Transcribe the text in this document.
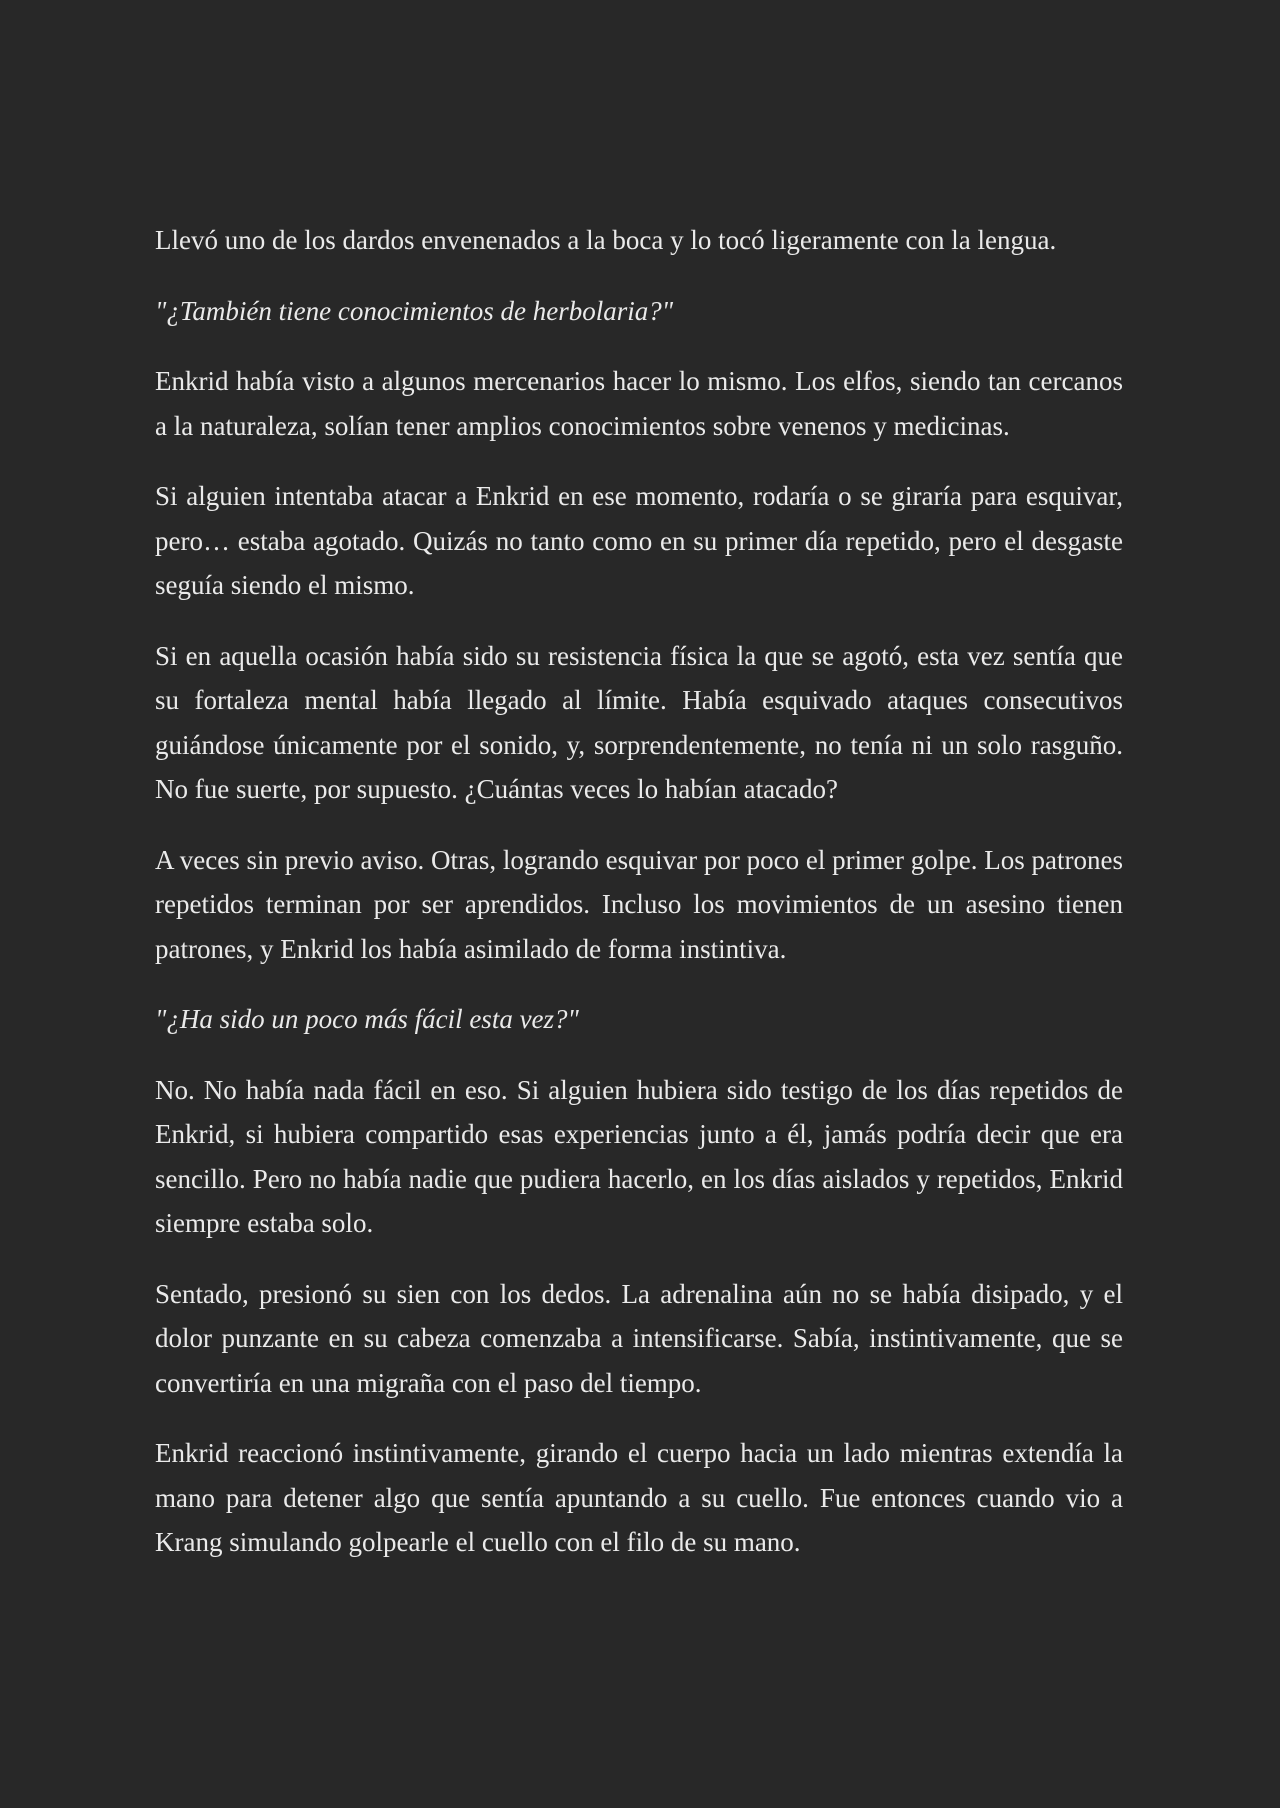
Llevó uno de los dardos envenenados a la boca y lo tocó ligeramente con la lengua.

"¿También tiene conocimientos de herbolaria?"

Enkrid había visto a algunos mercenarios hacer lo mismo. Los elfos, siendo tan cercanos a la naturaleza, solían tener amplios conocimientos sobre venenos y medicinas.

Si alguien intentaba atacar a Enkrid en ese momento, rodaría o se giraría para esquivar, pero… estaba agotado. Quizás no tanto como en su primer día repetido, pero el desgaste seguía siendo el mismo.

Si en aquella ocasión había sido su resistencia física la que se agotó, esta vez sentía que su fortaleza mental había llegado al límite. Había esquivado ataques consecutivos guiándose únicamente por el sonido, y, sorprendentemente, no tenía ni un solo rasguño. No fue suerte, por supuesto. ¿Cuántas veces lo habían atacado?

A veces sin previo aviso. Otras, logrando esquivar por poco el primer golpe. Los patrones repetidos terminan por ser aprendidos. Incluso los movimientos de un asesino tienen patrones, y Enkrid los había asimilado de forma instintiva.

"¿Ha sido un poco más fácil esta vez?"

No. No había nada fácil en eso. Si alguien hubiera sido testigo de los días repetidos de Enkrid, si hubiera compartido esas experiencias junto a él, jamás podría decir que era sencillo. Pero no había nadie que pudiera hacerlo, en los días aislados y repetidos, Enkrid siempre estaba solo.

Sentado, presionó su sien con los dedos. La adrenalina aún no se había disipado, y el dolor punzante en su cabeza comenzaba a intensificarse. Sabía, instintivamente, que se convertiría en una migraña con el paso del tiempo.

Enkrid reaccionó instintivamente, girando el cuerpo hacia un lado mientras extendía la mano para detener algo que sentía apuntando a su cuello. Fue entonces cuando vio a Krang simulando golpearle el cuello con el filo de su mano.
